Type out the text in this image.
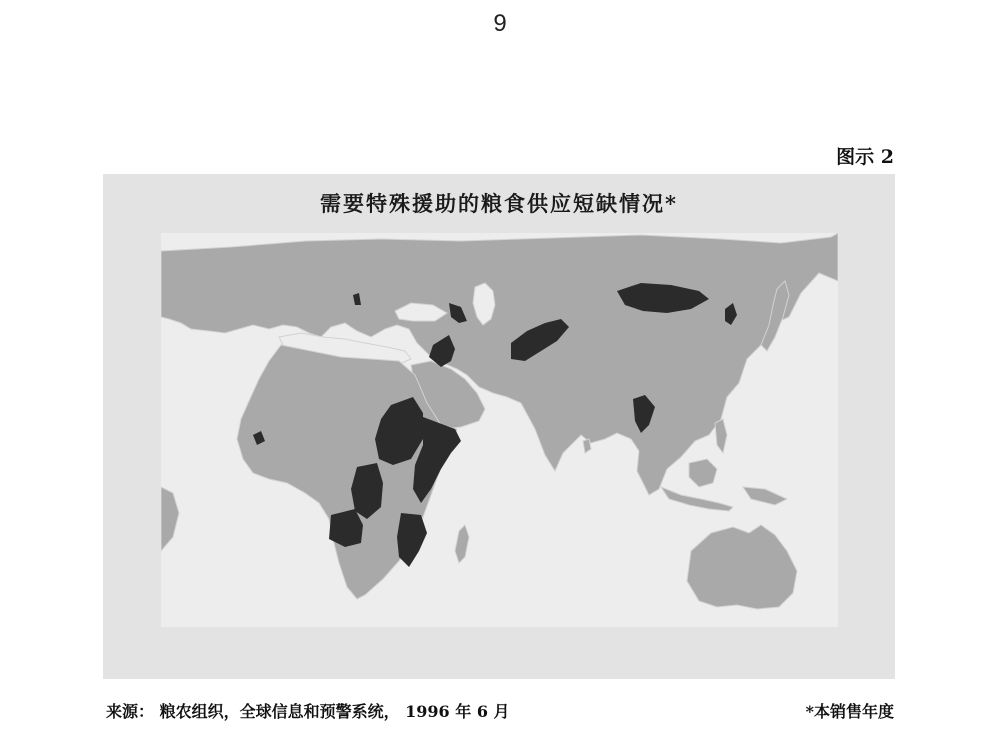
9
图示 2
需要特殊援助的粮食供应短缺情况*
来源： 粮农组织，全球信息和预警系统， 1996 年 6 月	*本销售年度
